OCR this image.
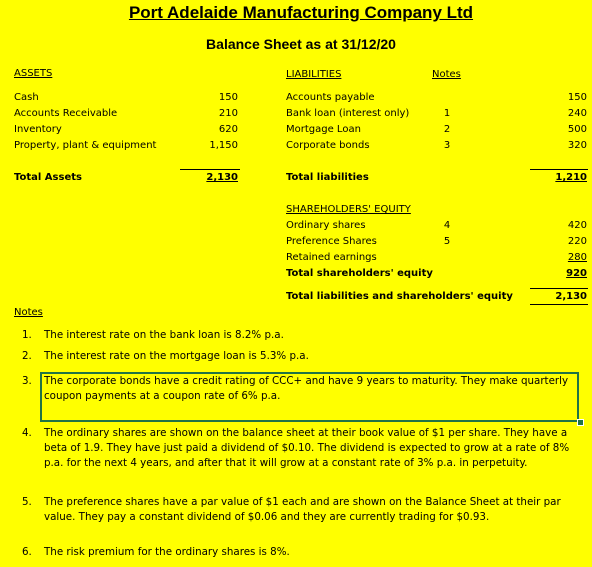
Port Adelaide Manufacturing Company Ltd
Balance Sheet as at 31/12/20
ASSETS
Cash	150
Accounts Receivable	210
Inventory	620
Property, plant & equipment	1,150
Total Assets	2,130
LIABILITIES	Notes
Accounts payable	150
Bank loan (interest only)	1	240
Mortgage Loan	2	500
Corporate bonds	3	320
Total liabilities	1,210
SHAREHOLDERS' EQUITY
Ordinary shares	4	420
Preference Shares	5	220
Retained earnings	280
Total shareholders' equity	920
Total liabilities and shareholders' equity	2,130
Notes
1. The interest rate on the bank loan is 8.2% p.a.
2. The interest rate on the mortgage loan is 5.3% p.a.
3. The corporate bonds have a credit rating of CCC+ and have 9 years to maturity. They make quarterly coupon payments at a coupon rate of 6% p.a.
4. The ordinary shares are shown on the balance sheet at their book value of $1 per share. They have a beta of 1.9. They have just paid a dividend of $0.10. The dividend is expected to grow at a rate of 8% p.a. for the next 4 years, and after that it will grow at a constant rate of 3% p.a. in perpetuity.
5. The preference shares have a par value of $1 each and are shown on the Balance Sheet at their par value. They pay a constant dividend of $0.06 and they are currently trading for $0.93.
6. The risk premium for the ordinary shares is 8%.
